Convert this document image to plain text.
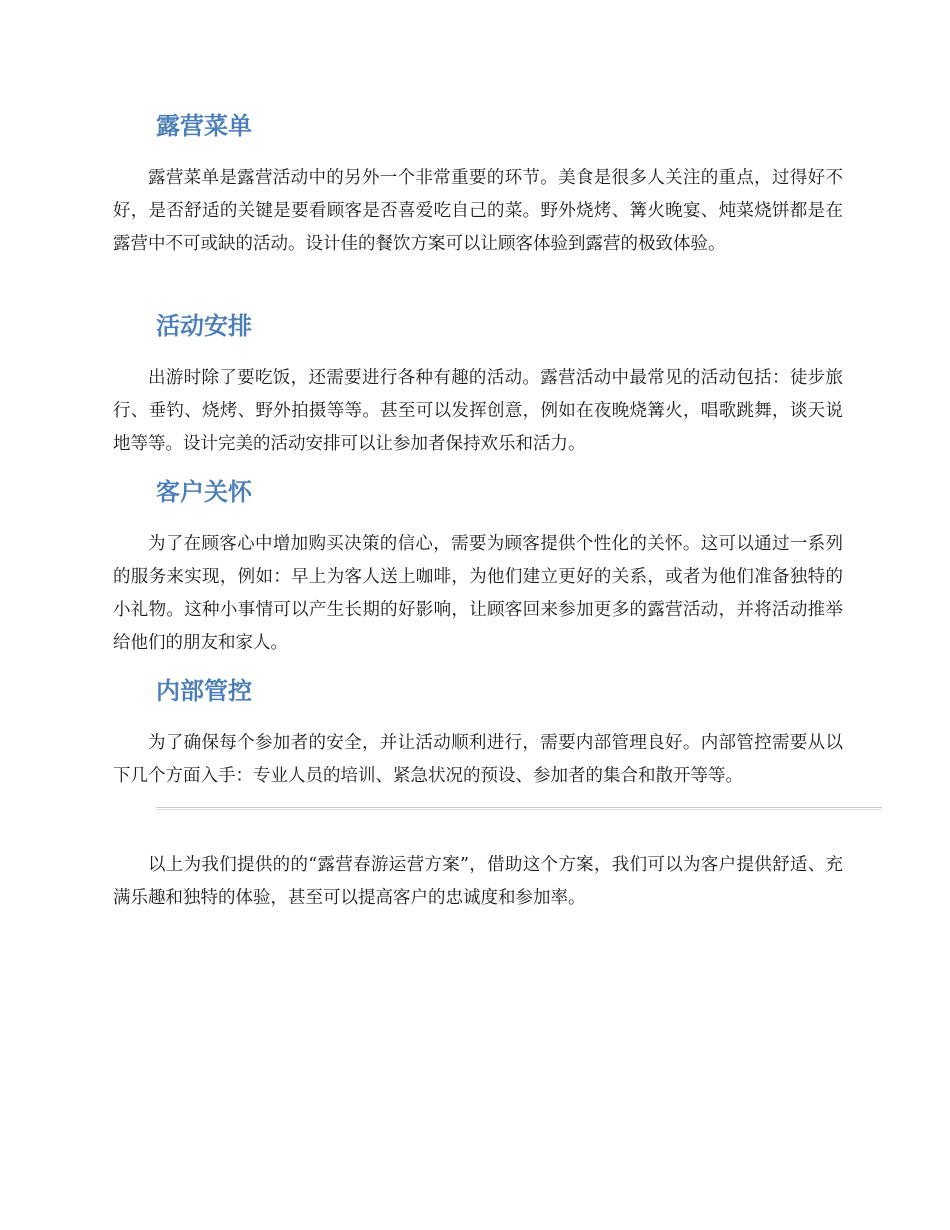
露营菜单

露营菜单是露营活动中的另外一个非常重要的环节。美食是很多人关注的重点，过得好不好，是否舒适的关键是要看顾客是否喜爱吃自己的菜。野外烧烤、篝火晚宴、炖菜烧饼都是在露营中不可或缺的活动。设计佳的餐饮方案可以让顾客体验到露营的极致体验。

活动安排

出游时除了要吃饭，还需要进行各种有趣的活动。露营活动中最常见的活动包括：徒步旅行、垂钓、烧烤、野外拍摄等等。甚至可以发挥创意，例如在夜晚烧篝火，唱歌跳舞，谈天说地等等。设计完美的活动安排可以让参加者保持欢乐和活力。

客户关怀

为了在顾客心中增加购买决策的信心，需要为顾客提供个性化的关怀。这可以通过一系列的服务来实现，例如：早上为客人送上咖啡，为他们建立更好的关系，或者为他们准备独特的小礼物。这种小事情可以产生长期的好影响，让顾客回来参加更多的露营活动，并将活动推举给他们的朋友和家人。

内部管控

为了确保每个参加者的安全，并让活动顺利进行，需要内部管理良好。内部管控需要从以下几个方面入手：专业人员的培训、紧急状况的预设、参加者的集合和散开等等。

以上为我们提供的的“露营春游运营方案”，借助这个方案，我们可以为客户提供舒适、充满乐趣和独特的体验，甚至可以提高客户的忠诚度和参加率。
